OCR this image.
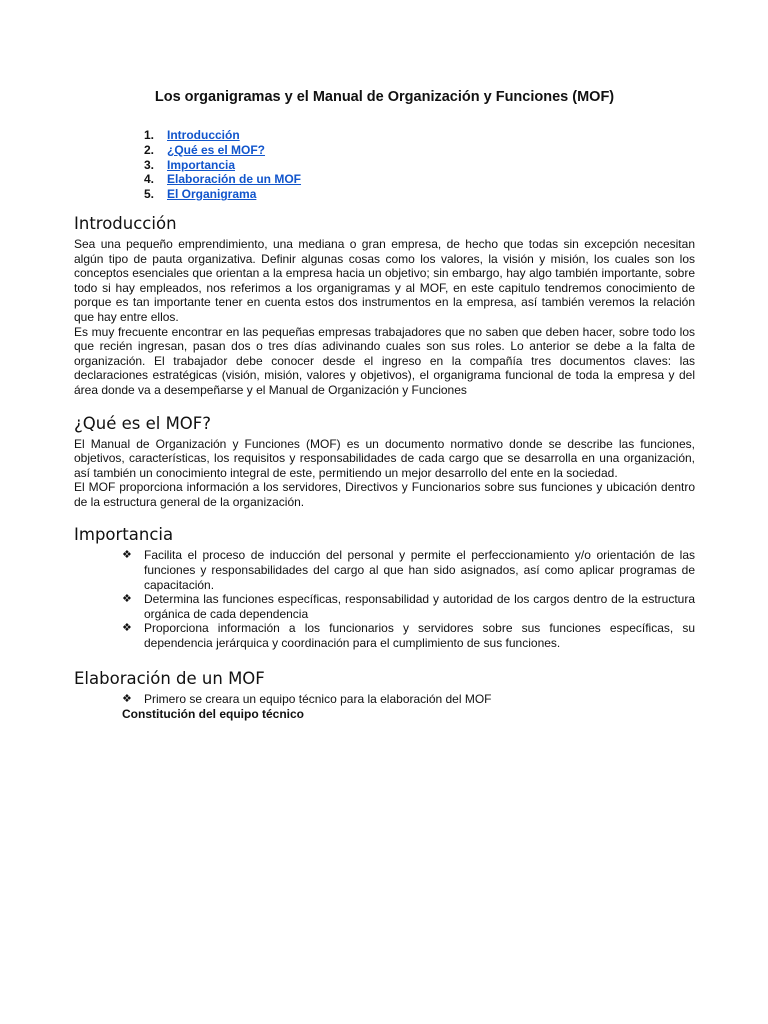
Los organigramas y el Manual de Organización y Funciones (MOF)
1.	Introducción
2.	¿Qué es el MOF?
3.	Importancia
4.	Elaboración de un MOF
5.	El Organigrama
Introducción

Sea una pequeño emprendimiento, una mediana o gran empresa, de hecho que todas sin excepción necesitan algún tipo de pauta organizativa. Definir algunas cosas como los valores, la visión y misión, los cuales son los conceptos esenciales que orientan a la empresa hacia un objetivo; sin embargo, hay algo también importante, sobre todo si hay empleados, nos referimos a los organigramas y al MOF, en este capitulo tendremos conocimiento de porque es tan importante tener en cuenta estos dos instrumentos en la empresa, así también veremos la relación que hay entre ellos.

Es muy frecuente encontrar en las pequeñas empresas trabajadores que no saben que deben hacer, sobre todo los que recién ingresan, pasan dos o tres días adivinando cuales son sus roles. Lo anterior se debe a la falta de organización. El trabajador debe conocer desde el ingreso en la compañía tres documentos claves: las declaraciones estratégicas (visión, misión, valores y objetivos), el organigrama funcional de toda la empresa y del área donde va a desempeñarse y el Manual de Organización y Funciones

¿Qué es el MOF?

El Manual de Organización y Funciones (MOF) es un documento normativo donde se describe las funciones, objetivos, características, los requisitos y responsabilidades de cada cargo que se desarrolla en una organización, así también un conocimiento integral de este, permitiendo un mejor desarrollo del ente en la sociedad.

El MOF proporciona información a los servidores, Directivos y Funcionarios sobre sus funciones y ubicación dentro de la estructura general de la organización.

Importancia
❖ Facilita el proceso de inducción del personal y permite el perfeccionamiento y/o orientación de las funciones y responsabilidades del cargo al que han sido asignados, así como aplicar programas de capacitación.
❖ Determina las funciones específicas, responsabilidad y autoridad de los cargos dentro de la estructura orgánica de cada dependencia
❖ Proporciona información a los funcionarios y servidores sobre sus funciones específicas, su dependencia jerárquica y coordinación para el cumplimiento de sus funciones.
Elaboración de un MOF
❖ Primero se creara un equipo técnico para la elaboración del MOF
Constitución del equipo técnico
